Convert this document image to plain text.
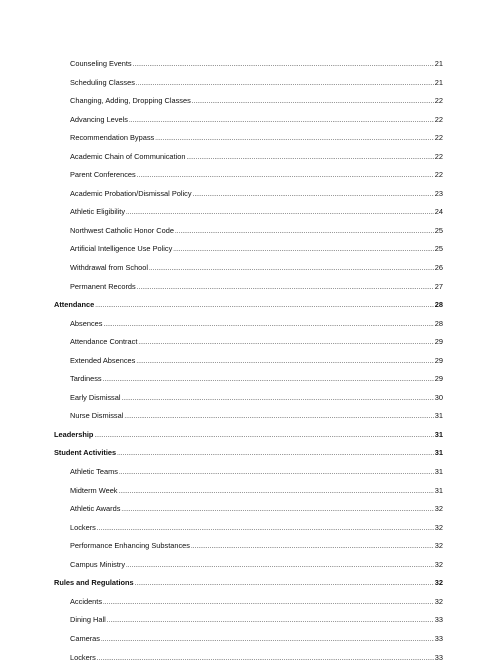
Counseling Events .....	21
Scheduling Classes .....	21
Changing, Adding, Dropping Classes .....	22
Advancing Levels .....	22
Recommendation Bypass .....	22
Academic Chain of Communication .....	22
Parent Conferences .....	22
Academic Probation/Dismissal Policy .....	23
Athletic Eligibility .....	24
Northwest Catholic Honor Code .....	25
Artificial Intelligence Use Policy .....	25
Withdrawal from School .....	26
Permanent Records .....	27
Attendance .....	28
Absences .....	28
Attendance Contract .....	29
Extended Absences .....	29
Tardiness .....	29
Early Dismissal .....	30
Nurse Dismissal .....	31
Leadership .....	31
Student Activities .....	31
Athletic Teams .....	31
Midterm Week .....	31
Athletic Awards .....	32
Lockers .....	32
Performance Enhancing Substances .....	32
Campus Ministry .....	32
Rules and Regulations .....	32
Accidents .....	32
Dining Hall .....	33
Cameras .....	33
Lockers .....	33
